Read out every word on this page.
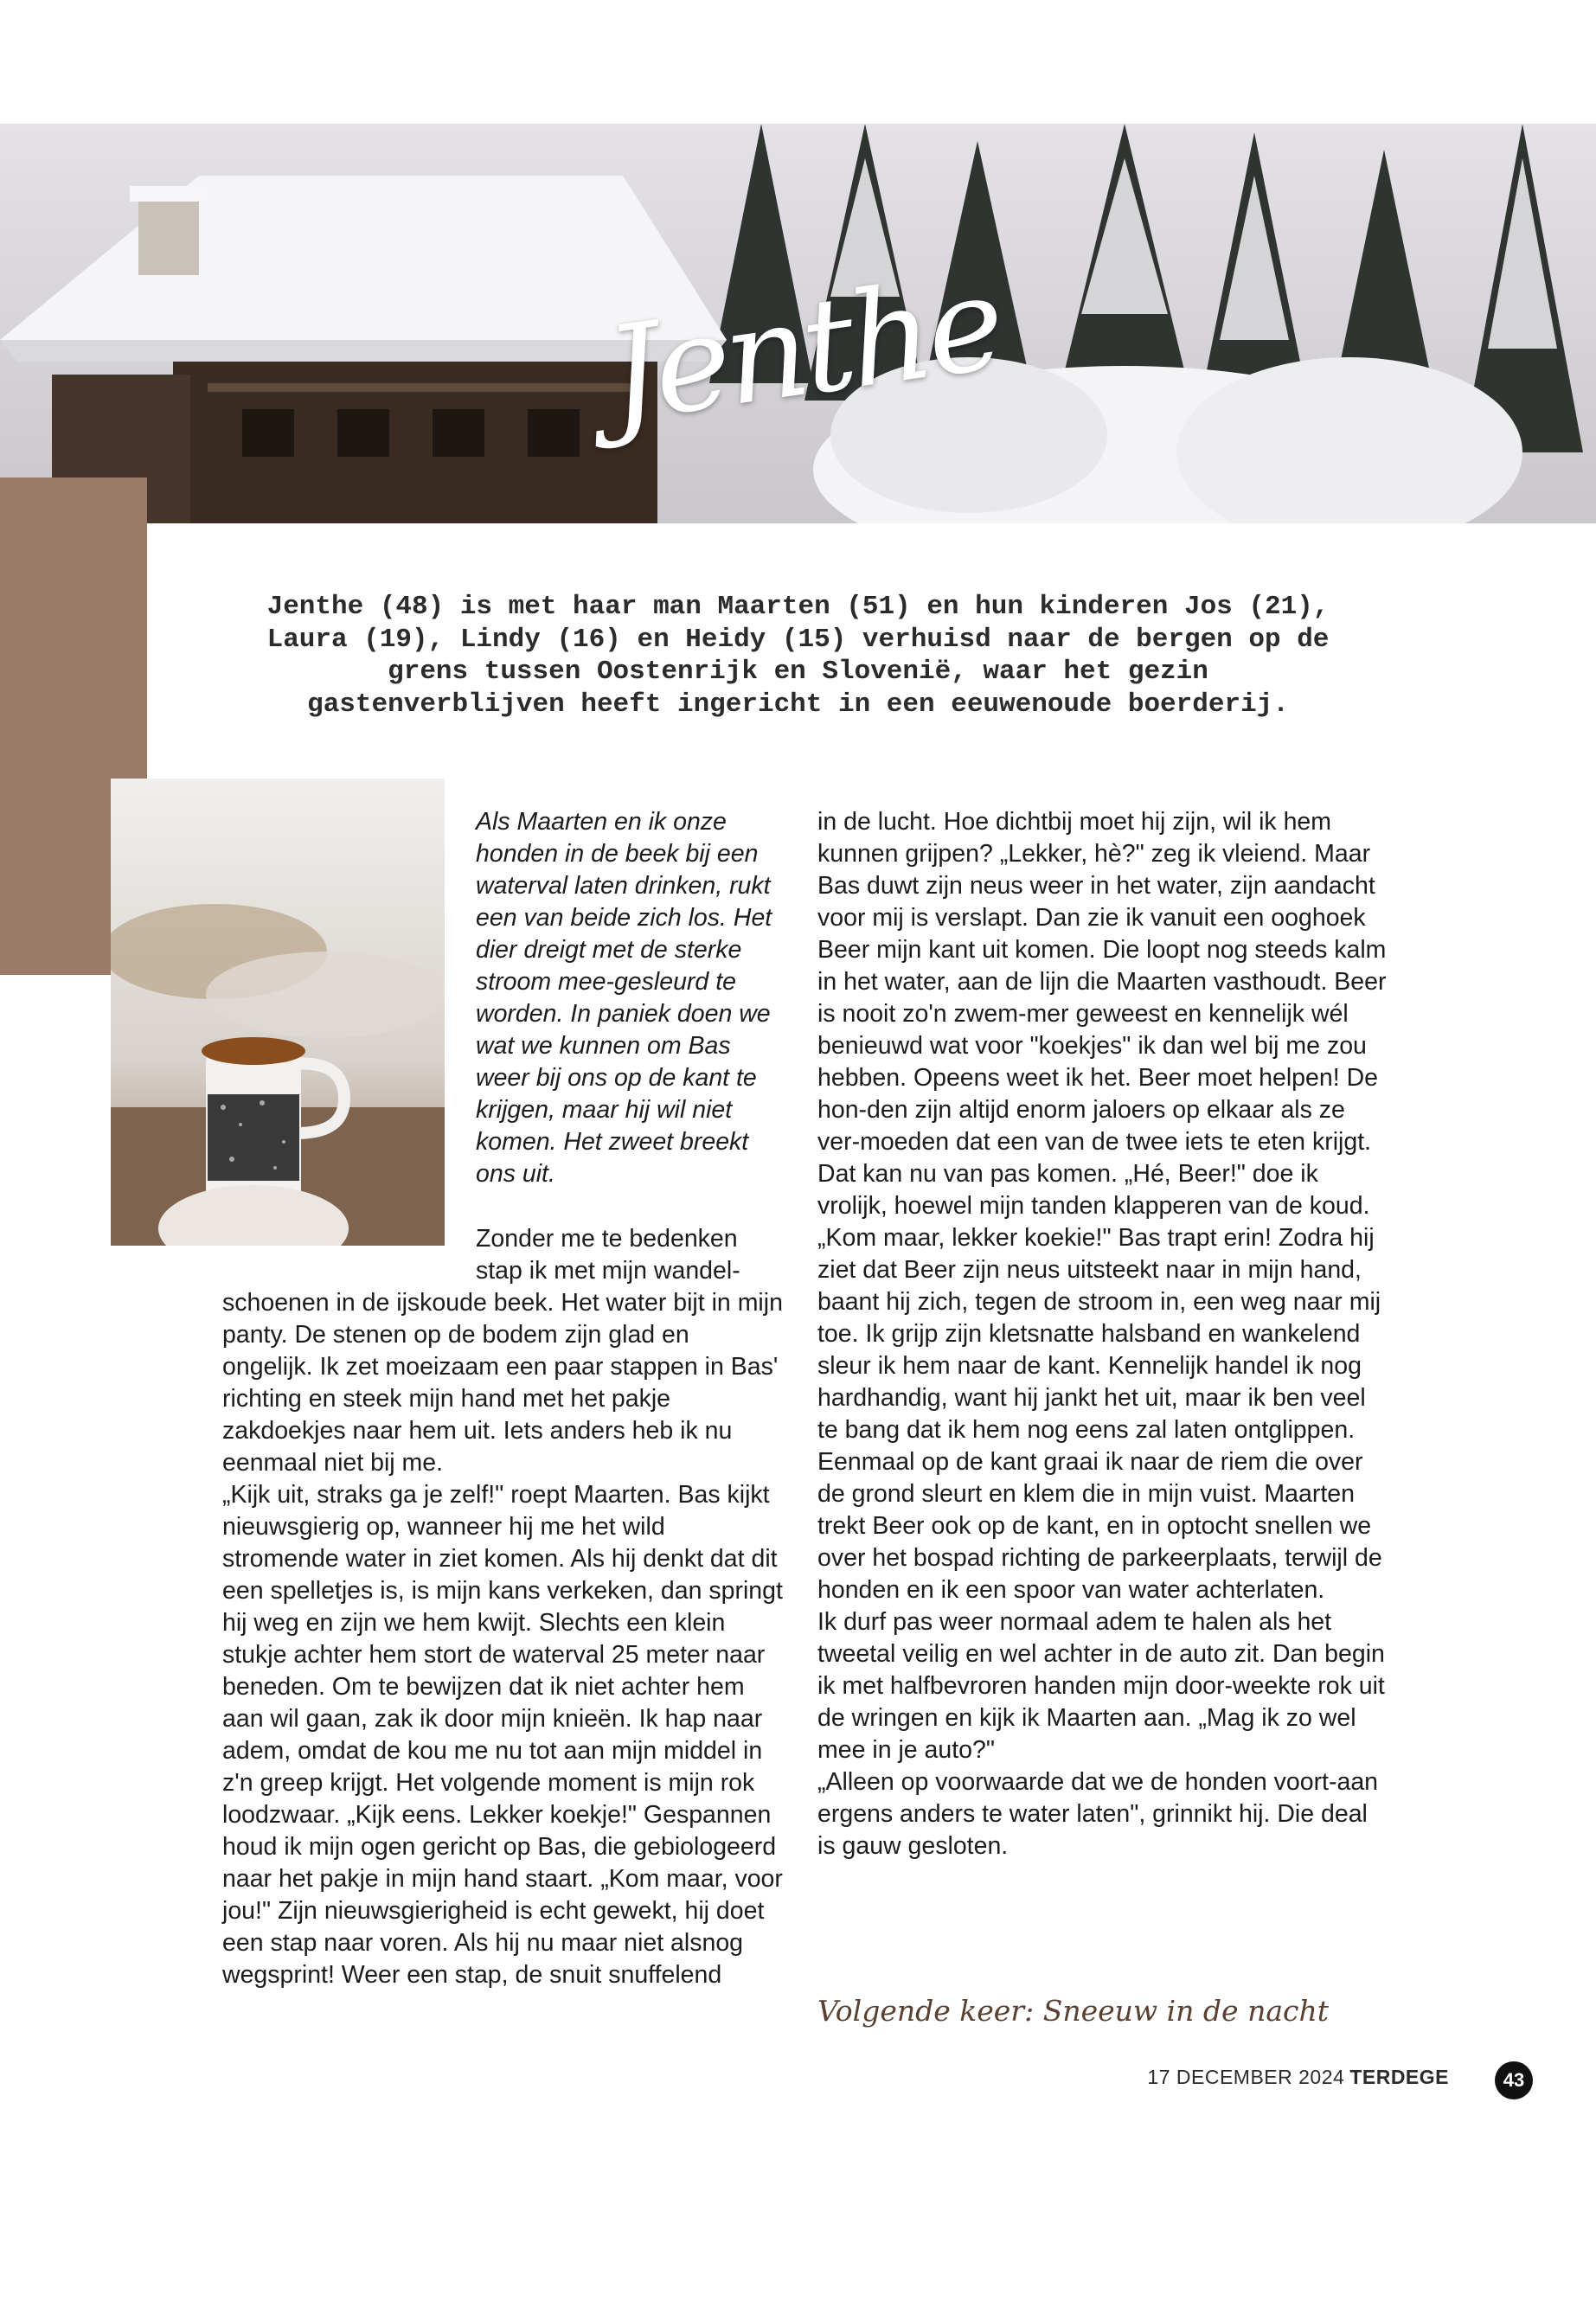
Jenthe

Jenthe (48) is met haar man Maarten (51) en hun kinderen Jos (21), Laura (19), Lindy (16) en Heidy (15) verhuisd naar de bergen op de grens tussen Oostenrijk en Slovenië, waar het gezin gastenverblijven heeft ingericht in een eeuwenoude boerderij.

Als Maarten en ik onze honden in de beek bij een waterval laten drinken, rukt een van beide zich los. Het dier dreigt met de sterke stroom mee-gesleurd te worden. In paniek doen we wat we kunnen om Bas weer bij ons op de kant te krijgen, maar hij wil niet komen. Het zweet breekt ons uit.

Zonder me te bedenken stap ik met mijn wandel-

schoenen in de ijskoude beek. Het water bijt in mijn panty. De stenen op de bodem zijn glad en ongelijk. Ik zet moeizaam een paar stappen in Bas' richting en steek mijn hand met het pakje zakdoekjes naar hem uit. Iets anders heb ik nu eenmaal niet bij me.

„Kijk uit, straks ga je zelf!" roept Maarten. Bas kijkt nieuwsgierig op, wanneer hij me het wild stromende water in ziet komen. Als hij denkt dat dit een spelletjes is, is mijn kans verkeken, dan springt hij weg en zijn we hem kwijt. Slechts een klein stukje achter hem stort de waterval 25 meter naar beneden. Om te bewijzen dat ik niet achter hem aan wil gaan, zak ik door mijn knieën. Ik hap naar adem, omdat de kou me nu tot aan mijn middel in z'n greep krijgt. Het volgende moment is mijn rok loodzwaar. „Kijk eens. Lekker koekje!" Gespannen houd ik mijn ogen gericht op Bas, die gebiologeerd naar het pakje in mijn hand staart. „Kom maar, voor jou!" Zijn nieuwsgierigheid is echt gewekt, hij doet een stap naar voren. Als hij nu maar niet alsnog wegsprint! Weer een stap, de snuit snuffelend

in de lucht. Hoe dichtbij moet hij zijn, wil ik hem kunnen grijpen? „Lekker, hè?" zeg ik vleiend. Maar Bas duwt zijn neus weer in het water, zijn aandacht voor mij is verslapt. Dan zie ik vanuit een ooghoek Beer mijn kant uit komen. Die loopt nog steeds kalm in het water, aan de lijn die Maarten vasthoudt. Beer is nooit zo'n zwem-mer geweest en kennelijk wél benieuwd wat voor "koekjes" ik dan wel bij me zou hebben. Opeens weet ik het. Beer moet helpen! De hon-den zijn altijd enorm jaloers op elkaar als ze ver-moeden dat een van de twee iets te eten krijgt. Dat kan nu van pas komen. „Hé, Beer!" doe ik vrolijk, hoewel mijn tanden klapperen van de koud. „Kom maar, lekker koekie!" Bas trapt erin! Zodra hij ziet dat Beer zijn neus uitsteekt naar in mijn hand, baant hij zich, tegen de stroom in, een weg naar mij toe. Ik grijp zijn kletsnatte halsband en wankelend sleur ik hem naar de kant. Kennelijk handel ik nog hardhandig, want hij jankt het uit, maar ik ben veel te bang dat ik hem nog eens zal laten ontglippen. Eenmaal op de kant graai ik naar de riem die over de grond sleurt en klem die in mijn vuist. Maarten trekt Beer ook op de kant, en in optocht snellen we over het bospad richting de parkeerplaats, terwijl de honden en ik een spoor van water achterlaten.

Ik durf pas weer normaal adem te halen als het tweetal veilig en wel achter in de auto zit. Dan begin ik met halfbevroren handen mijn door-weekte rok uit de wringen en kijk ik Maarten aan. „Mag ik zo wel mee in je auto?"

„Alleen op voorwaarde dat we de honden voort-aan ergens anders te water laten", grinnikt hij. Die deal is gauw gesloten.

Volgende keer: Sneeuw in de nacht

17 DECEMBER 2024 TERDEGE	43
